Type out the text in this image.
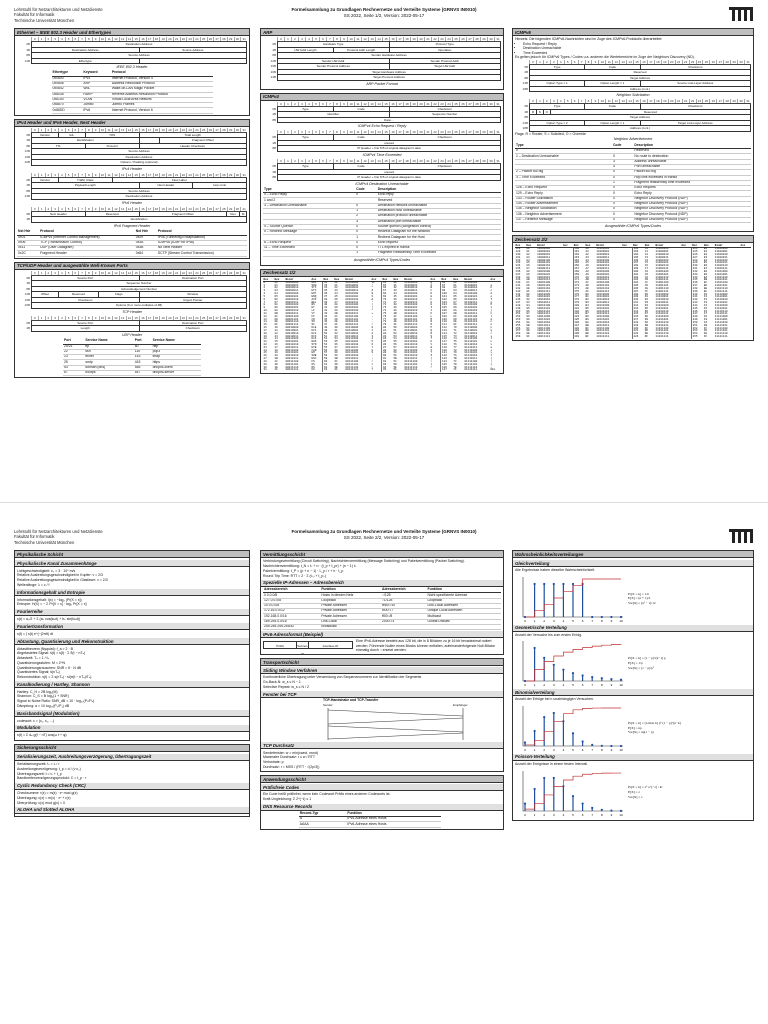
Lehrstuhl für Netzarchitekturen und Netzdienste
Fakultät für Informatik
Technische Universität München
Formelsammlung zu Grundlagen Rechnernetze und Verteilte Systeme (GRNVS IN0010)
SS 2022, Seite 1/2, Version: 2022-05-17
Ethernet – IEEE 802.3 Header und Ethertypes
0	1	2	3	4	5	6	7	8	9	10	11	12	13	14	15	16	17	18	19	20	21	22	23	24	25	26	27	28	29	30	31
0B	Destination Address
4B	Destination Address	Source Address
8B	Source Address
12B	Ethertype
IEEE 802.3 Header
Ethertype	Keyword	Protocol
0x0800	IPv4	Internet Protocol, Version 4
0x0806	ARP	Address Resolution Protocol
0x0842	WoL	Wake-on-LAN Magic Packet
0x8035	RARP	Reverse Address Resolution Protocol
0x8100	VLAN	Virtual Local Area Network
0x8870	Jumbo	Jumbo Frames
0x86DD	IPv6	Internet Protocol, Version 6
IPv4 Header und IPv6 Header, Next Header
0	1	2	3	4	5	6	7	8	9	10	11	12	13	14	15	16	17	18	19	20	21	22	23	24	25	26	27	28	29	30	31
0B	Version	IHL	TOS	Total Length
4B	Identification	Fragment Offset
8B	TTL	Protocol	Header Checksum
12B	Source Address
16B	Destination Address
20B	Options / Padding (optional)
IPv4 Header
0	1	2	3	4	5	6	7	8	9	10	11	12	13	14	15	16	17	18	19	20	21	22	23	24	25	26	27	28	29	30	31
0B	Version	Traffic Class	Flow Label
4B	Payload Length	Next Header	Hop Limit
8B	Source Address
24B	Destination Address
IPv6 Header
0	1	2	3	4	5	6	7	8	9	10	11	12	13	14	15	16	17	18	19	20	21	22	23	24	25	26	27	28	29	30	31
0B	Next Header	Reserved	Fragment Offset	Res	M
4B	Identification
IPv6 Fragment Header
Nxt Hdr	Protocol	Nxt Hdr	Protocol
0x01	ICMPv4 (Internet Control Management)	0x29	IPv6 (Tunneling Encapsulation)
0x06	TCP (Transmission Control)	0x3A	ICMPv6 (ICMP for IPv6)
0x11	UDP (User Datagram)	0x3B	No Next Header
0x2C	Fragment Header	0x84	SCTP (Stream Control Transmission)
TCP/UDP Header und ausgewählte Well-Known Ports
0	1	2	3	4	5	6	7	8	9	10	11	12	13	14	15	16	17	18	19	20	21	22	23	24	25	26	27	28	29	30	31
0B	Source Port	Destination Port
4B	Sequence Number
8B	Acknowledgement Number
12B	Offset	Reserved	Flags	Window
16B	Checksum	Urgent Pointer
20B	Options (0 or more multiples of 4B)
TCP Header
0	1	2	3	4	5	6	7	8	9	10	11	12	13	14	15	16	17	18	19	20	21	22	23	24	25	26	27	28	29	30	31
0B	Source Port	Destination Port
4B	Length	Checksum
UDP Header
Port	Service Name	Port	Service Name
20/21	ftp	80	http
22	ssh	110	pop3
23	telnet	143	imap
25	smtp	443	https
53	domain (dns)	546	dhcpv6-client
67	bootps	547	dhcpv6-server
ARP
0	1	2	3	4	5	6	7	8	9	10	11	12	13	14	15	16	17	18	19	20	21	22	23	24	25	26	27	28	29	30	31
0B	Hardware Type	Protocol Type
4B	HW Addr Length	Protocol Addr Length	Operation
8B	Sender Hardware Address
12B	Sender HW Addr	Sender Protocol Addr
16B	Sender Protocol Address	Target HW Addr
20B	Target Hardware Address
24B	Target Protocol Address
ARP Packet Format
ICMPv4
0	1	2	3	4	5	6	7	8	9	10	11	12	13	14	15	16	17	18	19	20	21	22	23	24	25	26	27	28	29	30	31
0B	Type	Code	Checksum
4B	Identifier	Sequence Number
8B	Data ...
ICMPv4 Echo Request / Reply
0	1	2	3	4	5	6	7	8	9	10	11	12	13	14	15	16	17	18	19	20	21	22	23	24	25	26	27	28	29	30	31
0B	Type	Code	Checksum
4B	unused
8B	IP Header + first 8 B of original datagram's data
ICMPv4 Time Exceeded
0	1	2	3	4	5	6	7	8	9	10	11	12	13	14	15	16	17	18	19	20	21	22	23	24	25	26	27	28	29	30	31
0B	Type	Code	Checksum
4B	unused
8B	IP Header + first 8 B of original datagram's data
ICMPv4 Destination Unreachable
Type	Code	Description
0 – Echo Reply	0	Echo reply
1 and 2		Reserved
3 – Destination Unreachable	0	Destination network unreachable
	1	Destination host unreachable
	2	Destination protocol unreachable
	3	Destination port unreachable
4 – Source Quench	0	Source quench (congestion control)
5 – Redirect Message	0	Redirect Datagram for the Network
	1	Redirect Datagram for the Host
8 – Echo Request	0	Echo request
11 – Time Exceeded	0	TTL expired in transit
	1	Fragment Reassembly Time Exceeded
Ausgewählte ICMPv4 Types/Codes
Zeichensatz 1/2
Dez	Hex	Binär	Asc	Dez	Hex	Binär	Asc	Dez	Hex	Binär	Asc	Dez	Hex	Binär	Asc
0	00	00000000	NUL	32	20	00100000	SP	64	40	01000000	@	96	60	01100000	`
1	01	00000001	SOH	33	21	00100001	!	65	41	01000001	A	97	61	01100001	a
2	02	00000010	STX	34	22	00100010	"	66	42	01000010	B	98	62	01100010	b
3	03	00000011	ETX	35	23	00100011	#	67	43	01000011	C	99	63	01100011	c
4	04	00000100	EOT	36	24	00100100	$	68	44	01000100	D	100	64	01100100	d
5	05	00000101	ENQ	37	25	00100101	%	69	45	01000101	E	101	65	01100101	e
6	06	00000110	ACK	38	26	00100110	&	70	46	01000110	F	102	66	01100110	f
7	07	00000111	BEL	39	27	00100111	'	71	47	01000111	G	103	67	01100111	g
8	08	00001000	BS	40	28	00101000	(	72	48	01001000	H	104	68	01101000	h
9	09	00001001	HT	41	29	00101001	)	73	49	01001001	I	105	69	01101001	i
10	0A	00001010	LF	42	2A	00101010	*	74	4A	01001010	J	106	6A	01101010	j
11	0B	00001011	VT	43	2B	00101011	+	75	4B	01001011	K	107	6B	01101011	k
12	0C	00001100	FF	44	2C	00101100	,	76	4C	01001100	L	108	6C	01101100	l
13	0D	00001101	CR	45	2D	00101101	-	77	4D	01001101	M	109	6D	01101101	m
14	0E	00001110	SO	46	2E	00101110	.	78	4E	01001110	N	110	6E	01101110	n
15	0F	00001111	SI	47	2F	00101111	/	79	4F	01001111	O	111	6F	01101111	o
16	10	00010000	DLE	48	30	00110000	0	80	50	01010000	P	112	70	01110000	p
17	11	00010001	DC1	49	31	00110001	1	81	51	01010001	Q	113	71	01110001	q
18	12	00010010	DC2	50	32	00110010	2	82	52	01010010	R	114	72	01110010	r
19	13	00010011	DC3	51	33	00110011	3	83	53	01010011	S	115	73	01110011	s
20	14	00010100	DC4	52	34	00110100	4	84	54	01010100	T	116	74	01110100	t
21	15	00010101	NAK	53	35	00110101	5	85	55	01010101	U	117	75	01110101	u
22	16	00010110	SYN	54	36	00110110	6	86	56	01010110	V	118	76	01110110	v
23	17	00010111	ETB	55	37	00110111	7	87	57	01010111	W	119	77	01110111	w
24	18	00011000	CAN	56	38	00111000	8	88	58	01011000	X	120	78	01111000	x
25	19	00011001	EM	57	39	00111001	9	89	59	01011001	Y	121	79	01111001	y
26	1A	00011010	SUB	58	3A	00111010	:	90	5A	01011010	Z	122	7A	01111010	z
27	1B	00011011	ESC	59	3B	00111011	;	91	5B	01011011	[	123	7B	01111011	{
28	1C	00011100	FS	60	3C	00111100	<	92	5C	01011100	\	124	7C	01111100	|
29	1D	00011101	GS	61	3D	00111101	=	93	5D	01011101	]	125	7D	01111101	}
30	1E	00011110	RS	62	3E	00111110	>	94	5E	01011110	^	126	7E	01111110	~
31	1F	00011111	US	63	3F	00111111	?	95	5F	01011111	_	127	7F	01111111	DEL
ICMPv6
Hinweis: Die folgenden ICMPv6-Nachrichten sind im Zuge des ICMPv6-Protokolls überarbeitet:
• Echo Request / Reply
• Destination Unreachable
• Time Exceeded
Es gelten jedoch für ICMPv6 Types / Codes u.a. anderen die Wertebereiche im Zuge der Neighbors Discovery (ND).
0	1	2	3	4	5	6	7	8	9	10	11	12	13	14	15	16	17	18	19	20	21	22	23	24	25	26	27	28	29	30	31
0B	Type	Code	Checksum
4B	Reserved
8B	Target Address
24B	Option Type = 1	Option Length = 1	Source Link-Layer Address
28B	Address (cont.)
Neighbor Solicitation
0	1	2	3	4	5	6	7	8	9	10	11	12	13	14	15	16	17	18	19	20	21	22	23	24	25	26	27	28	29	30	31
0B	Type	Code	Checksum
4B	R	S	O	Reserved
8B	Target Address
24B	Option Type = 2	Option Length = 1	Target Link-Layer Address
28B	Address (cont.)
Flags: R = Router, S = Solicited, O = Override
Neighbor Advertisement
Type	Code	Description
0		Reserved
1 – Destination Unreachable	0	No route to destination
	3	Address unreachable
	4	Port unreachable
2 – Packet too big	0	Packet too big
3 – Time Exceeded	0	Hop limit exceeded in transit
	1	Fragment reassembly time exceeded
128 – Echo Request	0	Echo Request
129 – Echo Reply	0	Echo Reply
133 – Router Solicitation	0	Neighbor Discovery Protocol (NDP)
134 – Router Advertisement	0	Neighbor Discovery Protocol (NDP)
135 – Neighbor Solicitation	0	Neighbor Discovery Protocol (NDP)
136 – Neighbor Advertisement	0	Neighbor Discovery Protocol (NDP)
137 – Redirect Message	0	Neighbor Discovery Protocol (NDP)
Ausgewählte ICMPv6 Types/Codes
Zeichensatz 2/2
Dez	Hex	Binär	Asc	Dez	Hex	Binär	Asc	Dez	Hex	Binär	Asc	Dez	Hex	Binär	Asc
128	80	10000000		160	A0	10100000		192	C0	11000000		224	E0	11100000	
129	81	10000001		161	A1	10100001		193	C1	11000001		225	E1	11100001	
130	82	10000010		162	A2	10100010		194	C2	11000010		226	E2	11100010	
131	83	10000011		163	A3	10100011		195	C3	11000011		227	E3	11100011	
132	84	10000100		164	A4	10100100		196	C4	11000100		228	E4	11100100	
133	85	10000101		165	A5	10100101		197	C5	11000101		229	E5	11100101	
134	86	10000110		166	A6	10100110		198	C6	11000110		230	E6	11100110	
135	87	10000111		167	A7	10100111		199	C7	11000111		231	E7	11100111	
136	88	10001000		168	A8	10101000		200	C8	11001000		232	E8	11101000	
137	89	10001001		169	A9	10101001		201	C9	11001001		233	E9	11101001	
138	8A	10001010		170	AA	10101010		202	CA	11001010		234	EA	11101010	
139	8B	10001011		171	AB	10101011		203	CB	11001011		235	EB	11101011	
140	8C	10001100		172	AC	10101100		204	CC	11001100		236	EC	11101100	
141	8D	10001101		173	AD	10101101		205	CD	11001101		237	ED	11101101	
142	8E	10001110		174	AE	10101110		206	CE	11001110		238	EE	11101110	
143	8F	10001111		175	AF	10101111		207	CF	11001111		239	EF	11101111	
144	90	10010000		176	B0	10110000		208	D0	11010000		240	F0	11110000	
145	91	10010001		177	B1	10110001		209	D1	11010001		241	F1	11110001	
146	92	10010010		178	B2	10110010		210	D2	11010010		242	F2	11110010	
147	93	10010011		179	B3	10110011		211	D3	11010011		243	F3	11110011	
148	94	10010100		180	B4	10110100		212	D4	11010100		244	F4	11110100	
149	95	10010101		181	B5	10110101		213	D5	11010101		245	F5	11110101	
150	96	10010110		182	B6	10110110		214	D6	11010110		246	F6	11110110	
151	97	10010111		183	B7	10110111		215	D7	11010111		247	F7	11110111	
152	98	10011000		184	B8	10111000		216	D8	11011000		248	F8	11111000	
153	99	10011001		185	B9	10111001		217	D9	11011001		249	F9	11111001	
154	9A	10011010		186	BA	10111010		218	DA	11011010		250	FA	11111010	
155	9B	10011011		187	BB	10111011		219	DB	11011011		251	FB	11111011	
156	9C	10011100		188	BC	10111100		220	DC	11011100		252	FC	11111100	
157	9D	10011101		189	BD	10111101		221	DD	11011101		253	FD	11111101	
158	9E	10011110		190	BE	10111110		222	DE	11011110		254	FE	11111110	
159	9F	10011111		191	BF	10111111		223	DF	11011111		255	FF	11111111	
Lehrstuhl für Netzarchitekturen und Netzdienste
Fakultät für Informatik
Technische Universität München
Formelsammlung zu Grundlagen Rechnernetze und Verteilte Systeme (GRNVS IN0010)
SS 2022, Seite 2/2, Version: 2022-05-17
Physikalische Schicht
Physikalische Kanal Zusammenhänge
Lichtgeschwindigkeit: c₀ = 3 · 10⁸ m/s
Relative Ausbreitungsgeschwindigkeit in Kupfer: ν ≈ 2/3
Relative Ausbreitungsgeschwindigkeit in Glasfaser: ν ≈ 2/3
Wellenlänge: λ = c / f
Informationsgehalt und Entropie
Informationsgehalt: I(x) = −log₂ (Pr[X = x])
Entropie: H(X) = − Σ Pr[X = x] · log₂ Pr[X = x]
Fourierreihe
s(t) = a₀/2 + Σ (aₖ cos(kωt) + bₖ sin(kωt))
Fouriertransformation
s(f) = ∫ s(t) e^(−j2πft) dt
Abtastung, Quantisierung und Rekonstruktion
Abtasttheorem (Nyquist): f_a > 2 · B
Abgetastetes Signal: ŝ(t) = s(t) · Σ δ(t − nTₐ)
Abtastzeit: Tₐ = 1 / fₐ
Quantisierungsstufen: M = 2^N
Quantisierungsrauschen: SNR ≈ 6 · N dB
Quantisiertes Signal: ŝ(nTₐ)
Rekonstruktion: s(t) = Σ s(nTₐ) · si(π(t − nTₐ)/Tₐ)
Kanalkodierung / Hartley, Shannon
Hartley: C_H = 2B log₂(M)
Shannon: C_S = B log₂(1 + SNR)
Signal to Noise Ratio: SNR_dB = 10 · log₁₀(Pₛ/Pₙ)
Dämpfung: a = 10 log₁₀(P₀/P₁) dB
Basisbandsignal (Modulation)
codewort: c = (c₁, c₂, ...)
Modulation
s(t) = Σ dₙ g(t − nT) cos(ω t + φ)
Sicherungsschicht
Serialisierungszeit, Ausbreitungsverzögerung, Übertragungszeit
Serialisierungszeit: tₛ = L / r
Ausbreitungsverzögerung: t_p = d / (ν c₀)
Übertragungszeit: t = tₛ + t_p
Bandbreitenverzögerungsprodukt: C = t_p · r
Cyclic Redundancy Check (CRC)
Checksumme: r(x) = m(x) · xⁿ mod g(x)
Übertragung: c(x) = m(x) · xⁿ + r(x)
Überprüfung: c(x) mod g(x) = 0
ALOHA und Slotted ALOHA
Vermittlungsschicht
Verbindungsvermittlung (Circuit Switching), Nachrichtenvermittlung (Message Switching) und Paketvermittlung (Packet Switching).
Nachrichtenvermittlung: t_N = tₛ + n · (t_p + t_pr) + (n − 1) tₛ
Paketvermittlung: t_P = (p + n − 1) · L_p / r + n · t_p
Round Trip Time: RTT = 2 · Σ (tₛ,ᵢ + t_p,ᵢ)
Spezielle IP-Adressen – Adressbereich
Adressbereich	Funktion	Adressbereich	Funktion
0.0.0.0/8	Hosts in diesem Netz	::/128	Nicht spezifizierte Adresse
127.0.0.0/8	Loopback	::1/128	Loopback
10.0.0.0/8	Private Adressen	fe80::/10	Link-Local Adressen
172.16.0.0/12	Private Adressen	fc00::/7	Unique Local Adressen
192.168.0.0/16	Private Adressen	ff00::/8	Multicast
169.254.0.0/16	Link-Local	2000::/3	Global Unicast
255.255.255.255/32	Broadcast		
IPv6-Adressformat (Beispiel)
Präfix	Subnet-ID
Interface-ID
Eine IPv6-Adresse besteht aus 128 bit, die in 8 Blöcken zu je 16 bit hexadezimal notiert werden. Führende Nullen eines Blocks können entfallen, aufeinanderfolgende Null-Blöcke einmalig durch :: ersetzt werden.
Transportschicht
Sliding Window Verfahren
Kontinuierliche Übertragung unter Verwendung von Sequenznummern zur Identifikation der Segmente.
Go-Back-N: w_s ≤ N − 1
Selective Repeat: w_s ≤ N / 2
Fenster bei TCP
TCP-Handshake und TCP-Transfer
Sender	Empfänger
TCP Durchsatz
Sendefenster: w = min(cwnd, rwnd)
Maximaler Durchsatz: r ≤ w / RTT
Verlustrate: p
Durchsatz: r ≈ MSS / (RTT · √(2p/3))
Anwendungsschicht
Präfixfreie Codes
Ein Code heißt präfixfrei, wenn kein Codewort Präfix eines anderen Codeworts ist.
Kraft-Ungleichung: Σ 2^(−lᵢ) ≤ 1
DNS Resource Records
Record-Typ	Funktion
A	IPv4-Adresse eines Hosts
AAAA	IPv6-Adresse eines Hosts
Wahrscheinlichkeitsverteilungen
Gleichverteilung
Alle Ergebnisse haben dieselbe Wahrscheinlichkeit.
0	1	2	3	4	5	6	7	8	9 10
Pr[X = k] = 1/n
E[X] = (n + 1)/2
Var[X] = (n² − 1)/12
Geometrische Verteilung
Anzahl der Versuche bis zum ersten Erfolg.
0	1	2	3	4	5	6	7	8	9 10
Pr[X = k] = (1 − p)^(k−1) p
E[X] = 1/p
Var[X] = (1 − p)/p²
Binomialverteilung
Anzahl der Erfolge bei n unabhängigen Versuchen.
0	1	2	3	4	5	6	7	8	9 10
Pr[X = k] = (n über k) pᵏ (1 − p)^(n−k)
E[X] = np
Var[X] = np(1 − p)
Poisson-Verteilung
Anzahl der Ereignisse in einem festen Intervall.
0	1	2	3	4	5	6	7	8	9 10
Pr[X = k] = λᵏ e^(−λ) / k!
E[X] = λ
Var[X] = λ
